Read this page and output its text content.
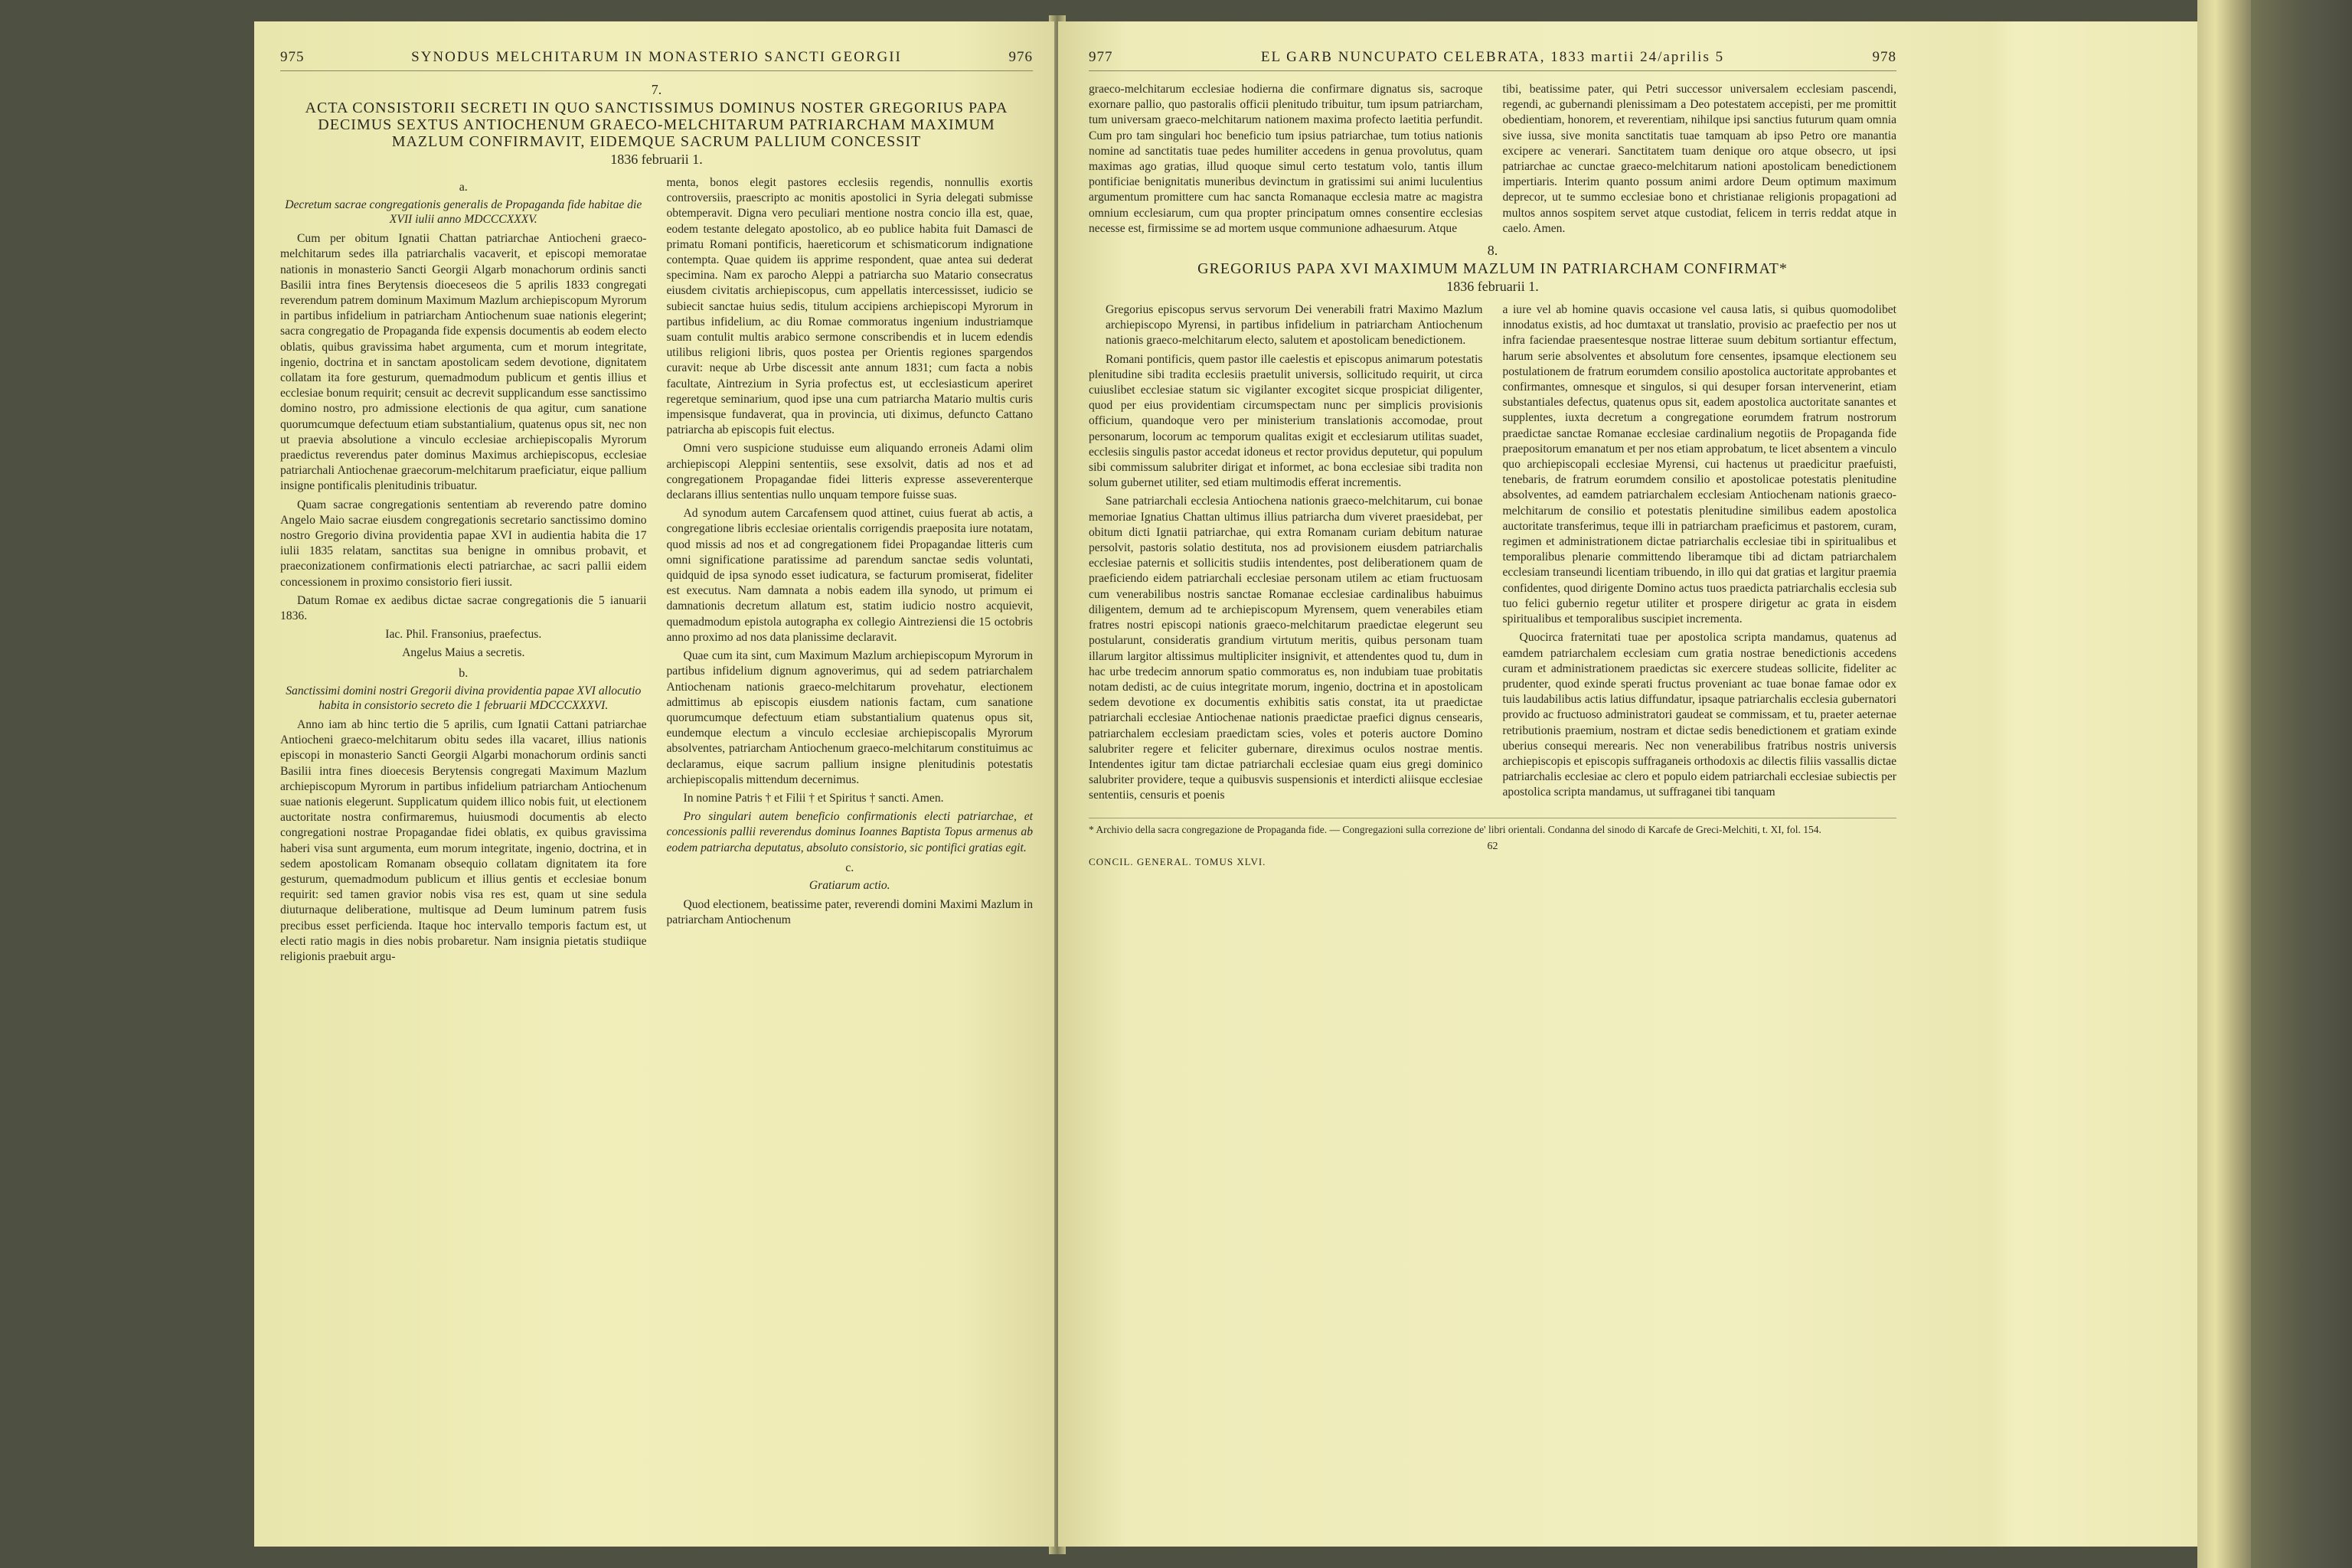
975	SYNODUS MELCHITARUM IN MONASTERIO SANCTI GEORGII	976
7.
ACTA CONSISTORII SECRETI IN QUO SANCTISSIMUS DOMINUS NOSTER GREGORIUS PAPA DECIMUS SEXTUS ANTIOCHENUM GRAECO-MELCHITARUM PATRIARCHAM MAXIMUM MAZLUM CONFIRMAVIT, EIDEMQUE SACRUM PALLIUM CONCESSIT
1836 februarii 1.
a.
Decretum sacrae congregationis generalis de Propaganda fide habitae die XVII iulii anno MDCCCXXXV.

Cum per obitum Ignatii Chattan patriarchae Antiocheni graeco-melchitarum sedes illa patriarchalis vacaverit, et episcopi memoratae nationis in monasterio Sancti Georgii Algarb monachorum ordinis sancti Basilii intra fines Berytensis dioeceseos die 5 aprilis 1833 congregati reverendum patrem dominum Maximum Mazlum archiepiscopum Myrorum in partibus infidelium in patriarcham Antiochenum suae nationis elegerint; sacra congregatio de Propaganda fide expensis documentis ab eodem electo oblatis, quibus gravissima habet argumenta, cum et morum integritate, ingenio, doctrina et in sanctam apostolicam sedem devotione, dignitatem collatam ita fore gesturum, quemadmodum publicum et gentis illius et ecclesiae bonum requirit; censuit ac decrevit supplicandum esse sanctissimo domino nostro, pro admissione electionis de qua agitur, cum sanatione quorumcumque defectuum etiam substantialium, quatenus opus sit, nec non ut praevia absolutione a vinculo ecclesiae archiepiscopalis Myrorum praedictus reverendus pater dominus Maximus archiepiscopus, ecclesiae patriarchali Antiochenae graecorum-melchitarum praeficiatur, eique pallium insigne pontificalis plenitudinis tribuatur.

Quam sacrae congregationis sententiam ab reverendo patre domino Angelo Maio sacrae eiusdem congregationis secretario sanctissimo domino nostro Gregorio divina providentia papae XVI in audientia habita die 17 iulii 1835 relatam, sanctitas sua benigne in omnibus probavit, et praeconizationem confirmationis electi patriarchae, ac sacri pallii eidem concessionem in proximo consistorio fieri iussit.

Datum Romae ex aedibus dictae sacrae congregationis die 5 ianuarii 1836.

Iac. Phil. Fransonius, praefectus.

Angelus Maius a secretis.

b.
Sanctissimi domini nostri Gregorii divina providentia papae XVI allocutio habita in consistorio secreto die 1 februarii MDCCCXXXVI.

Anno iam ab hinc tertio die 5 aprilis, cum Ignatii Cattani patriarchae Antiocheni graeco-melchitarum obitu sedes illa vacaret, illius nationis episcopi in monasterio Sancti Georgii Algarbi monachorum ordinis sancti Basilii intra fines dioecesis Berytensis congregati Maximum Mazlum archiepiscopum Myrorum in partibus infidelium patriarcham Antiochenum suae nationis elegerunt. Supplicatum quidem illico nobis fuit, ut electionem auctoritate nostra confirmaremus, huiusmodi documentis ab electo congregationi nostrae Propagandae fidei oblatis, ex quibus gravissima haberi visa sunt argumenta, eum morum integritate, ingenio, doctrina, et in sedem apostolicam Romanam obsequio collatam dignitatem ita fore gesturum, quemadmodum publicum et illius gentis et ecclesiae bonum requirit: sed tamen gravior nobis visa res est, quam ut sine sedula diuturnaque deliberatione, multisque ad Deum luminum patrem fusis precibus esset perficienda. Itaque hoc intervallo temporis factum est, ut electi ratio magis in dies nobis probaretur. Nam insignia pietatis studiique religionis praebuit argu-

menta, bonos elegit pastores ecclesiis regendis, nonnullis exortis controversiis, praescripto ac monitis apostolici in Syria delegati submisse obtemperavit. Digna vero peculiari mentione nostra concio illa est, quae, eodem testante delegato apostolico, ab eo publice habita fuit Damasci de primatu Romani pontificis, haereticorum et schismaticorum indignatione contempta. Quae quidem iis apprime respondent, quae antea sui dederat specimina. Nam ex parocho Aleppi a patriarcha suo Matario consecratus eiusdem civitatis archiepiscopus, cum appellatis intercessisset, iudicio se subiecit sanctae huius sedis, titulum accipiens archiepiscopi Myrorum in partibus infidelium, ac diu Romae commoratus ingenium industriamque suam contulit multis arabico sermone conscribendis et in lucem edendis utilibus religioni libris, quos postea per Orientis regiones spargendos curavit: neque ab Urbe discessit ante annum 1831; cum facta a nobis facultate, Aintrezium in Syria profectus est, ut ecclesiasticum aperiret regeretque seminarium, quod ipse una cum patriarcha Matario multis curis impensisque fundaverat, qua in provincia, uti diximus, defuncto Cattano patriarcha ab episcopis fuit electus.

Omni vero suspicione studuisse eum aliquando erroneis Adami olim archiepiscopi Aleppini sententiis, sese exsolvit, datis ad nos et ad congregationem Propagandae fidei litteris expresse asseverenterque declarans illius sententias nullo unquam tempore fuisse suas.

Ad synodum autem Carcafensem quod attinet, cuius fuerat ab actis, a congregatione libris ecclesiae orientalis corrigendis praeposita iure notatam, quod missis ad nos et ad congregationem fidei Propagandae litteris cum omni significatione paratissime ad parendum sanctae sedis voluntati, quidquid de ipsa synodo esset iudicatura, se facturum promiserat, fideliter est executus. Nam damnata a nobis eadem illa synodo, ut primum ei damnationis decretum allatum est, statim iudicio nostro acquievit, quemadmodum epistola autographa ex collegio Aintreziensi die 15 octobris anno proximo ad nos data planissime declaravit.

Quae cum ita sint, cum Maximum Mazlum archiepiscopum Myrorum in partibus infidelium dignum agnoverimus, qui ad sedem patriarchalem Antiochenam nationis graeco-melchitarum provehatur, electionem admittimus ab episcopis eiusdem nationis factam, cum sanatione quorumcumque defectuum etiam substantialium quatenus opus sit, eundemque electum a vinculo ecclesiae archiepiscopalis Myrorum absolventes, patriarcham Antiochenum graeco-melchitarum constituimus ac declaramus, eique sacrum pallium insigne plenitudinis potestatis archiepiscopalis mittendum decernimus.

In nomine Patris † et Filii † et Spiritus † sancti. Amen.

Pro singulari autem beneficio confirmationis electi patriarchae, et concessionis pallii reverendus dominus Ioannes Baptista Topus armenus ab eodem patriarcha deputatus, absoluto consistorio, sic pontifici gratias egit.

c.
Gratiarum actio.

Quod electionem, beatissime pater, reverendi domini Maximi Mazlum in patriarcham Antiochenum

977	EL GARB NUNCUPATO CELEBRATA, 1833 martii 24/aprilis 5	978

graeco-melchitarum ecclesiae hodierna die confirmare dignatus sis, sacroque exornare pallio, quo pastoralis officii plenitudo tribuitur, tum ipsum patriarcham, tum universam graeco-melchitarum nationem maxima profecto laetitia perfundit. Cum pro tam singulari hoc beneficio tum ipsius patriarchae, tum totius nationis nomine ad sanctitatis tuae pedes humiliter accedens in genua provolutus, quam maximas ago gratias, illud quoque simul certo testatum volo, tantis illum pontificiae benignitatis muneribus devinctum in gratissimi sui animi luculentius argumentum promittere cum hac sancta Romanaque ecclesia matre ac magistra omnium ecclesiarum, cum qua propter principatum omnes consentire ecclesias necesse est, firmissime se ad mortem usque communione adhaesurum. Atque

tibi, beatissime pater, qui Petri successor universalem ecclesiam pascendi, regendi, ac gubernandi plenissimam a Deo potestatem accepisti, per me promittit obedientiam, honorem, et reverentiam, nihilque ipsi sanctius futurum quam omnia sive iussa, sive monita sanctitatis tuae tamquam ab ipso Petro ore manantia excipere ac venerari. Sanctitatem tuam denique oro atque obsecro, ut ipsi patriarchae ac cunctae graeco-melchitarum nationi apostolicam benedictionem impertiaris. Interim quanto possum animi ardore Deum optimum maximum deprecor, ut te summo ecclesiae bono et christianae religionis propagationi ad multos annos sospitem servet atque custodiat, felicem in terris reddat atque in caelo. Amen.

8.
GREGORIUS PAPA XVI MAXIMUM MAZLUM IN PATRIARCHAM CONFIRMAT*
1836 februarii 1.

Gregorius episcopus servus servorum Dei venerabili fratri Maximo Mazlum archiepiscopo Myrensi, in partibus infidelium in patriarcham Antiochenum nationis graeco-melchitarum electo, salutem et apostolicam benedictionem.

Romani pontificis, quem pastor ille caelestis et episcopus animarum potestatis plenitudine sibi tradita ecclesiis praetulit universis, sollicitudo requirit, ut circa cuiuslibet ecclesiae statum sic vigilanter excogitet sicque prospiciat diligenter, quod per eius providentiam circumspectam nunc per simplicis provisionis officium, quandoque vero per ministerium translationis accomodae, prout personarum, locorum ac temporum qualitas exigit et ecclesiarum utilitas suadet, ecclesiis singulis pastor accedat idoneus et rector providus deputetur, qui populum sibi commissum salubriter dirigat et informet, ac bona ecclesiae sibi tradita non solum gubernet utiliter, sed etiam multimodis efferat incrementis.

Sane patriarchali ecclesia Antiochena nationis graeco-melchitarum, cui bonae memoriae Ignatius Chattan ultimus illius patriarcha dum viveret praesidebat, per obitum dicti Ignatii patriarchae, qui extra Romanam curiam debitum naturae persolvit, pastoris solatio destituta, nos ad provisionem eiusdem patriarchalis ecclesiae paternis et sollicitis studiis intendentes, post deliberationem quam de praeficiendo eidem patriarchali ecclesiae personam utilem ac etiam fructuosam cum venerabilibus nostris sanctae Romanae ecclesiae cardinalibus habuimus diligentem, demum ad te archiepiscopum Myrensem, quem venerabiles etiam fratres nostri episcopi nationis graeco-melchitarum praedictae elegerunt seu postularunt, consideratis grandium virtutum meritis, quibus personam tuam illarum largitor altissimus multipliciter insignivit, et attendentes quod tu, dum in hac urbe tredecim annorum spatio commoratus es, non indubiam tuae probitatis notam dedisti, ac de cuius integritate morum, ingenio, doctrina et in apostolicam sedem devotione ex documentis exhibitis satis constat, ita ut praedictae patriarchali ecclesiae Antiochenae nationis praedictae praefici dignus censearis, patriarchalem ecclesiam praedictam scies, voles et poteris auctore Domino salubriter regere et feliciter gubernare, direximus oculos nostrae mentis. Intendentes igitur tam dictae patriarchali ecclesiae quam eius gregi dominico salubriter providere, teque a quibusvis suspensionis et interdicti aliisque ecclesiae sententiis, censuris et poenis

a iure vel ab homine quavis occasione vel causa latis, si quibus quomodolibet innodatus existis, ad hoc dumtaxat ut translatio, provisio ac praefectio per nos ut infra faciendae praesentesque nostrae litterae suum debitum sortiantur effectum, harum serie absolventes et absolutum fore censentes, ipsamque electionem seu postulationem de fratrum eorumdem consilio apostolica auctoritate approbantes et confirmantes, omnesque et singulos, si qui desuper forsan intervenerint, etiam substantiales defectus, quatenus opus sit, eadem apostolica auctoritate sanantes et supplentes, iuxta decretum a congregatione eorumdem fratrum nostrorum praedictae sanctae Romanae ecclesiae cardinalium negotiis de Propaganda fide praepositorum emanatum et per nos etiam approbatum, te licet absentem a vinculo quo archiepiscopali ecclesiae Myrensi, cui hactenus ut praedicitur praefuisti, tenebaris, de fratrum eorumdem consilio et apostolicae potestatis plenitudine absolventes, ad eamdem patriarchalem ecclesiam Antiochenam nationis graeco-melchitarum de consilio et potestatis plenitudine similibus eadem apostolica auctoritate transferimus, teque illi in patriarcham praeficimus et pastorem, curam, regimen et administrationem dictae patriarchalis ecclesiae tibi in spiritualibus et temporalibus plenarie committendo liberamque tibi ad dictam patriarchalem ecclesiam transeundi licentiam tribuendo, in illo qui dat gratias et largitur praemia confidentes, quod dirigente Domino actus tuos praedicta patriarchalis ecclesia sub tuo felici gubernio regetur utiliter et prospere dirigetur ac grata in eisdem spiritualibus et temporalibus suscipiet incrementa.

Quocirca fraternitati tuae per apostolica scripta mandamus, quatenus ad eamdem patriarchalem ecclesiam cum gratia nostrae benedictionis accedens curam et administrationem praedictas sic exercere studeas sollicite, fideliter ac prudenter, quod exinde sperati fructus proveniant ac tuae bonae famae odor ex tuis laudabilibus actis latius diffundatur, ipsaque patriarchalis ecclesia gubernatori provido ac fructuoso administratori gaudeat se commissam, et tu, praeter aeternae retributionis praemium, nostram et dictae sedis benedictionem et gratiam exinde uberius consequi merearis. Nec non venerabilibus fratribus nostris universis archiepiscopis et episcopis suffraganeis orthodoxis ac dilectis filiis vassallis dictae patriarchalis ecclesiae ac clero et populo eidem patriarchali ecclesiae subiectis per apostolica scripta mandamus, ut suffraganei tibi tanquam

* Archivio della sacra congregazione de Propaganda fide. — Congregazioni sulla correzione de' libri orientali. Condanna del sinodo di Karcafe de Greci-Melchiti, t. XI, fol. 154.
62
CONCIL. GENERAL. TOMUS XLVI.
